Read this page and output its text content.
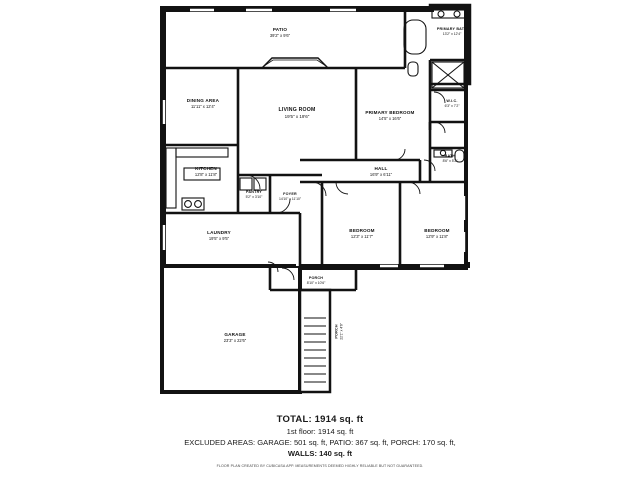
PATIO
39'2" x 9'6"
PRIMARY BATH
13'2" x 12'4"
DINING AREA
11'11" x 12'4"
LIVING ROOM
19'5" x 19'6"
PRIMARY BEDROOM
14'5" x 16'6"
W.I.C.
6'3" x 7'2"
KITCHEN
12'8" x 11'8"
BATH
8'6" x 5'2"
HALL
16'9" x 6'11"
PANTRY
5'2" x 3'10"
FOYER
14'10" x 11'10"
LAUNDRY
19'5" x 9'5"
BEDROOM
12'3" x 11'7"
BEDROOM
12'9" x 11'8"
PORCH
8'10" x 10'6"
GARAGE
23'3" x 22'6"
PORCH 22'1" x 4'6"
TOTAL: 1914 sq. ft
1st floor: 1914 sq. ft
EXCLUDED AREAS: GARAGE: 501 sq. ft, PATIO: 367 sq. ft, PORCH: 170 sq. ft,
WALLS: 140 sq. ft
FLOOR PLAN CREATED BY CUBICASA APP. MEASUREMENTS DEEMED HIGHLY RELIABLE BUT NOT GUARANTEED.
